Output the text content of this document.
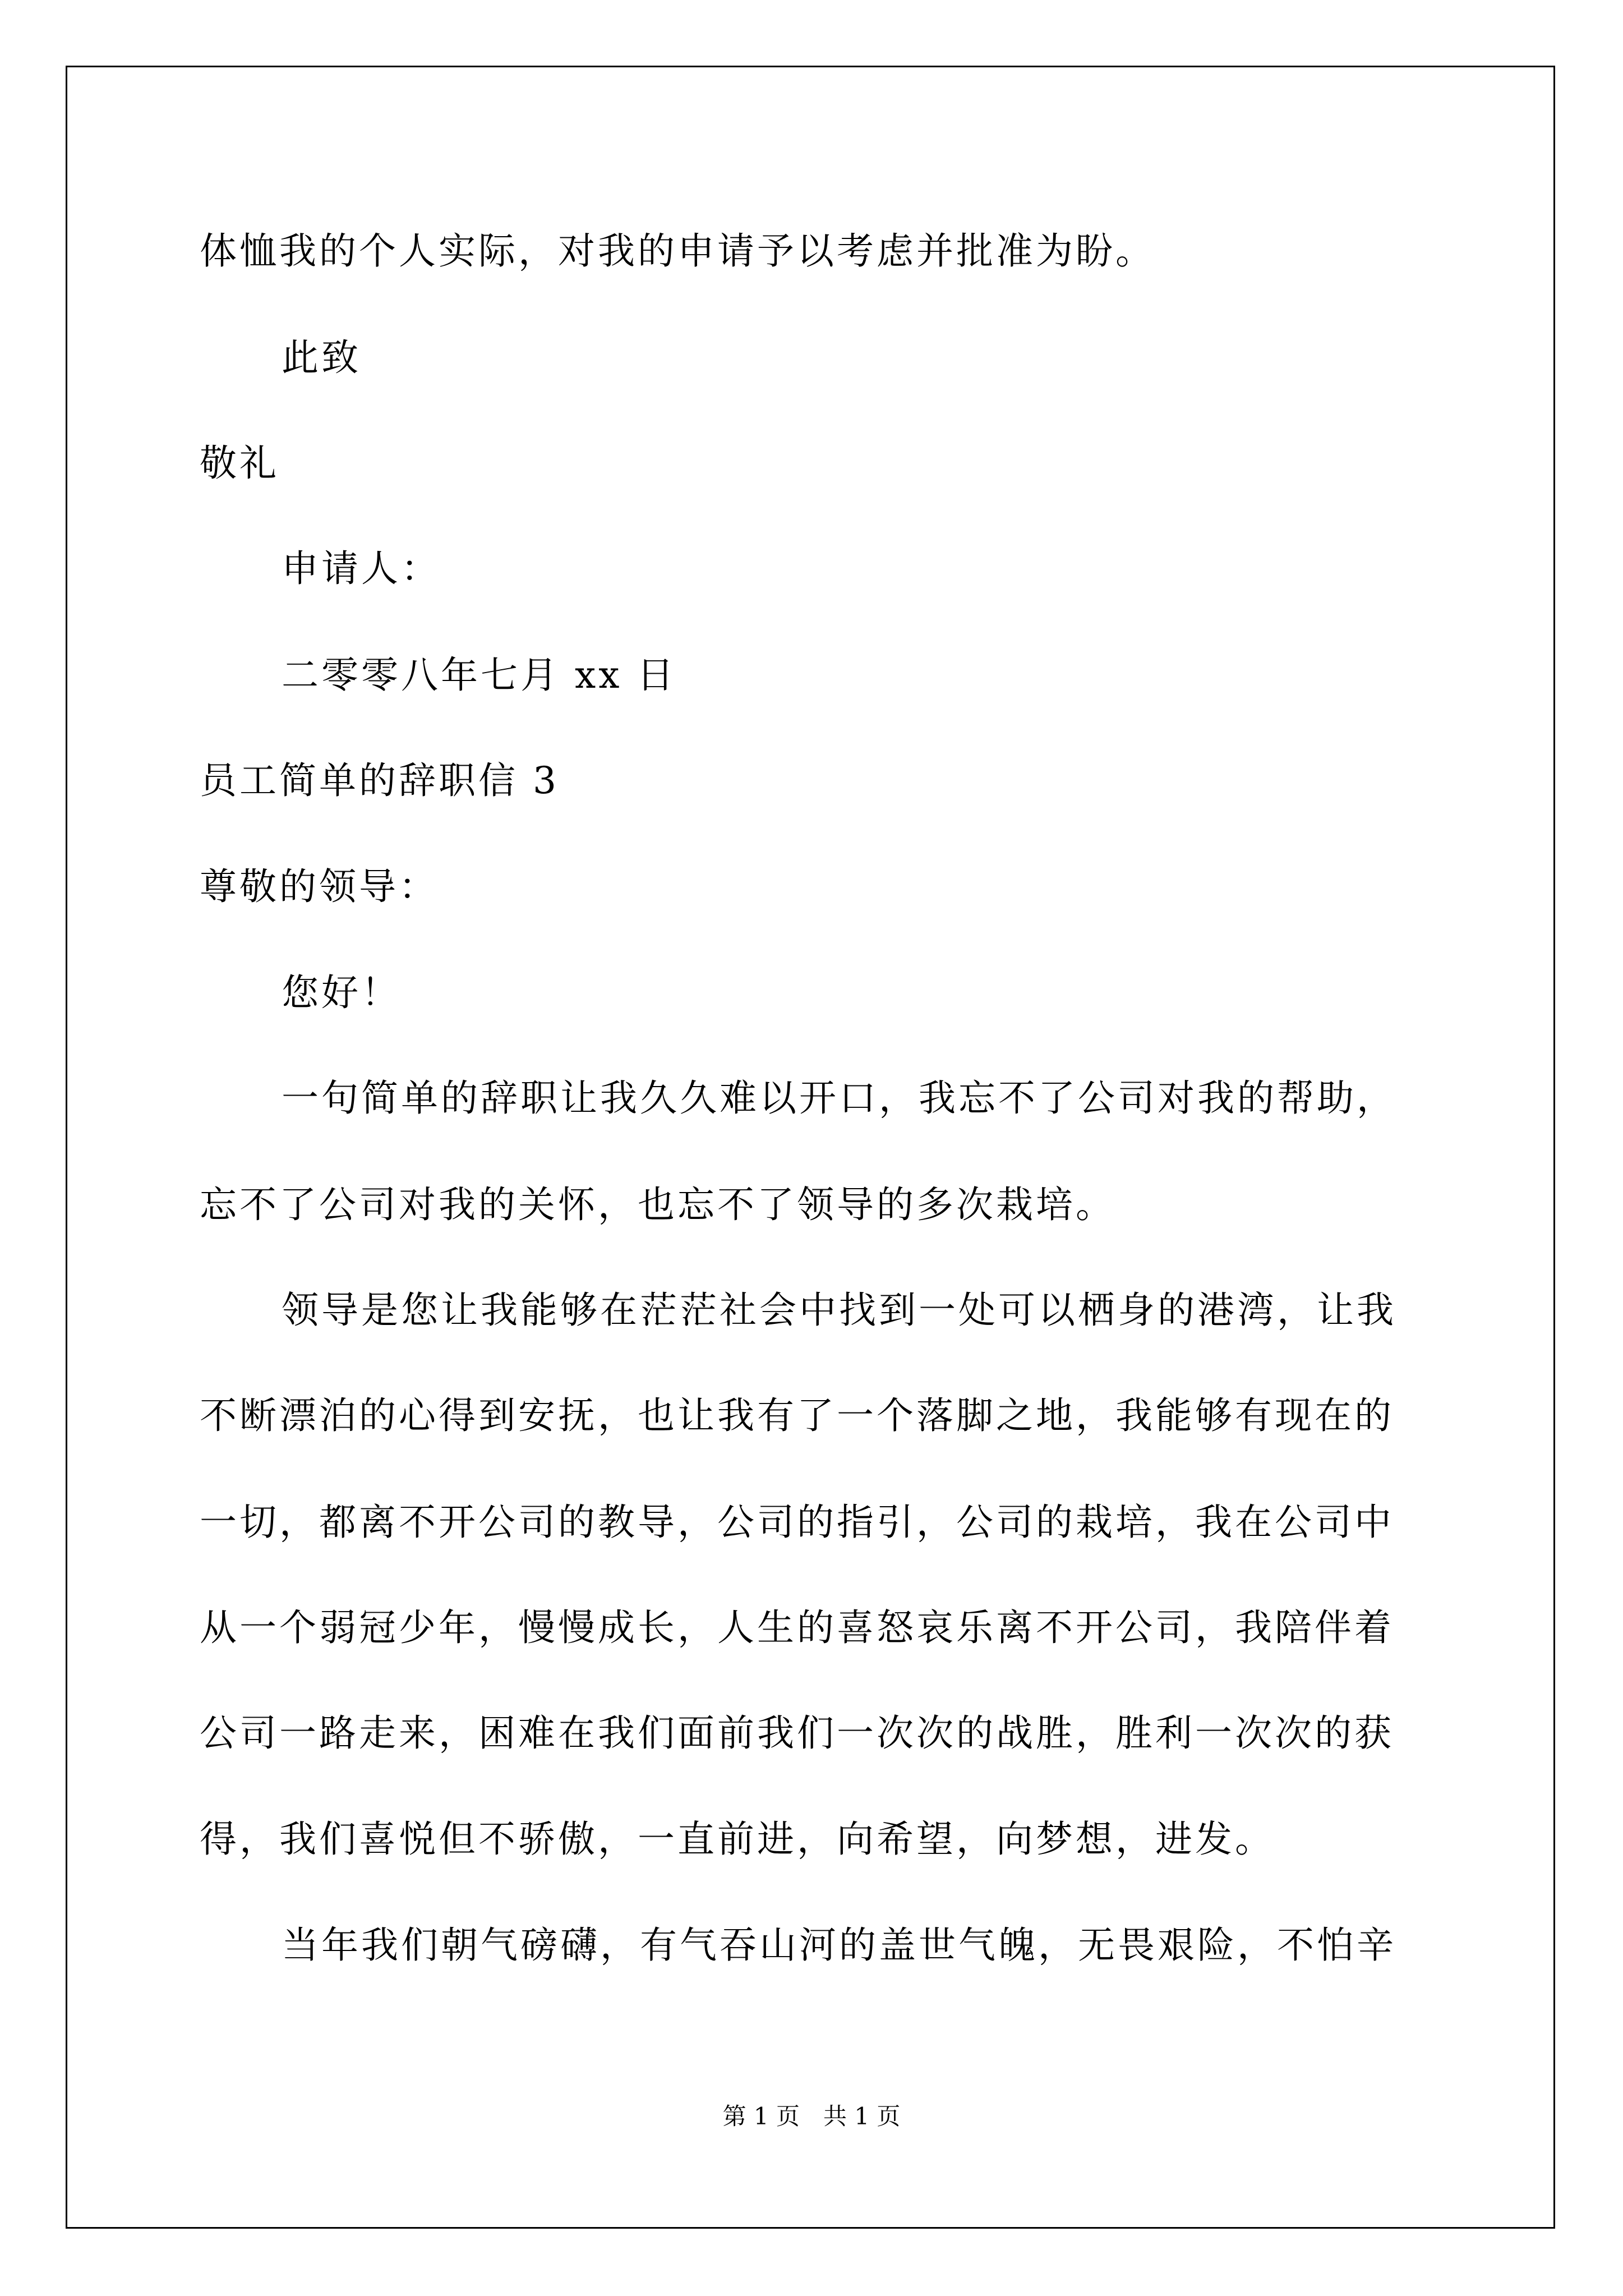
体恤我的个人实际，对我的申请予以考虑并批准为盼。
此致
敬礼
申请人：
二零零八年七月 xx 日
员工简单的辞职信 3
尊敬的领导：
您好！
一句简单的辞职让我久久难以开口，我忘不了公司对我的帮助，
忘不了公司对我的关怀，也忘不了领导的多次栽培。
领导是您让我能够在茫茫社会中找到一处可以栖身的港湾，让我
不断漂泊的心得到安抚，也让我有了一个落脚之地，我能够有现在的
一切，都离不开公司的教导，公司的指引，公司的栽培，我在公司中
从一个弱冠少年，慢慢成长，人生的喜怒哀乐离不开公司，我陪伴着
公司一路走来，困难在我们面前我们一次次的战胜，胜利一次次的获
得，我们喜悦但不骄傲，一直前进，向希望，向梦想，进发。
当年我们朝气磅礴，有气吞山河的盖世气魄，无畏艰险，不怕辛
第 1 页　共 1 页
